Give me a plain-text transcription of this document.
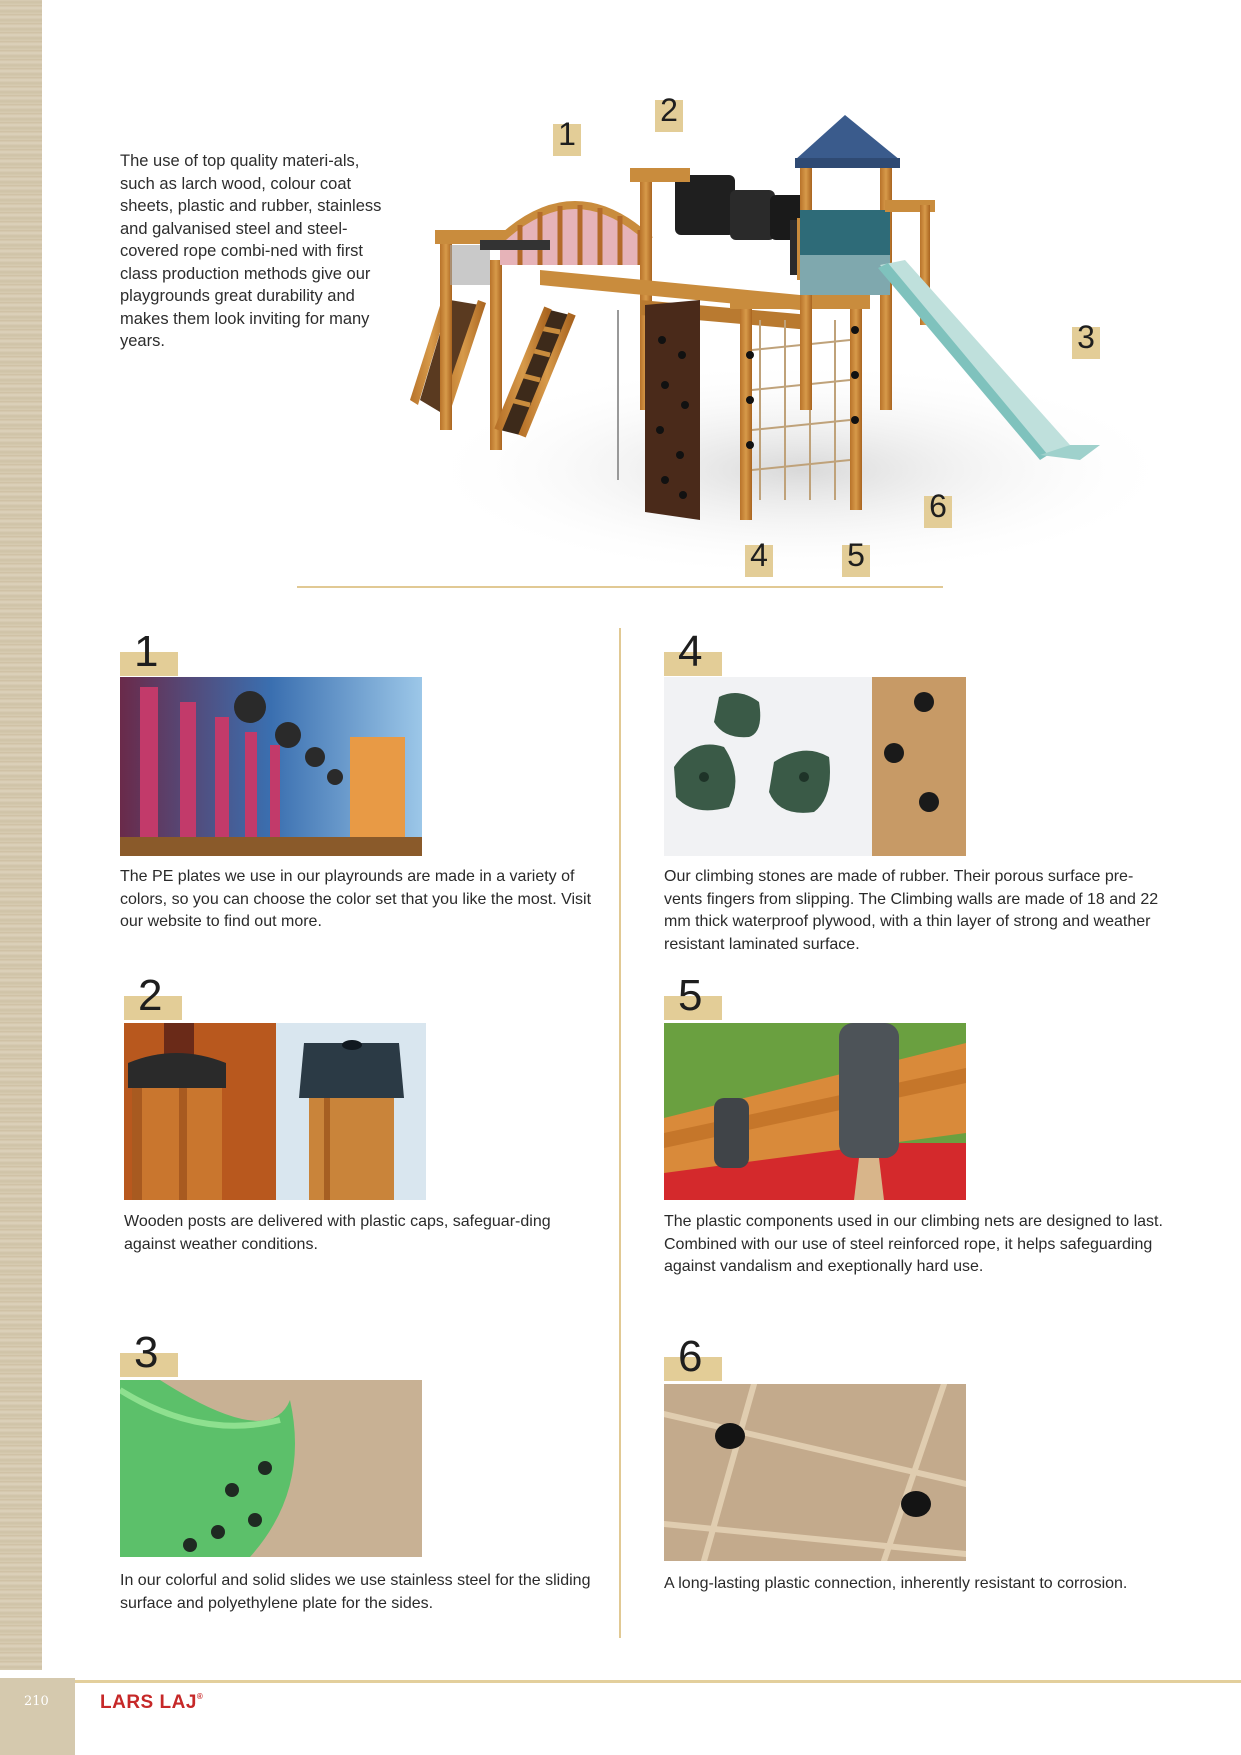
The use of top quality materi-als, such as larch wood, colour coat sheets, plastic and rubber, stainless and galvanised steel and steel- covered rope combi-ned with first class production methods give our playgrounds great durability and makes them look inviting for many years.

1
2
3
4 5
6
1

The PE plates we use in our playrounds are made in a variety of colors, so you can choose the color set that you like the most. Visit our website to find out more.

2

Wooden posts are delivered with plastic caps, safeguar-ding against weather conditions.

3

In our colorful and solid slides we use stainless steel for the sliding surface and polyethylene plate for the sides.

4

Our climbing stones are made of rubber. Their porous surface pre-vents fingers from slipping. The Climbing walls are made of 18 and 22 mm thick waterproof plywood, with a thin layer of strong and weather resistant laminated surface.

5

The plastic components used in our climbing nets are designed to last. Combined with our use of steel reinforced rope, it helps safeguarding against vandalism and exeptionally hard use.

6

A long-lasting plastic connection, inherently resistant to corrosion.

210	LARS LAJ®
